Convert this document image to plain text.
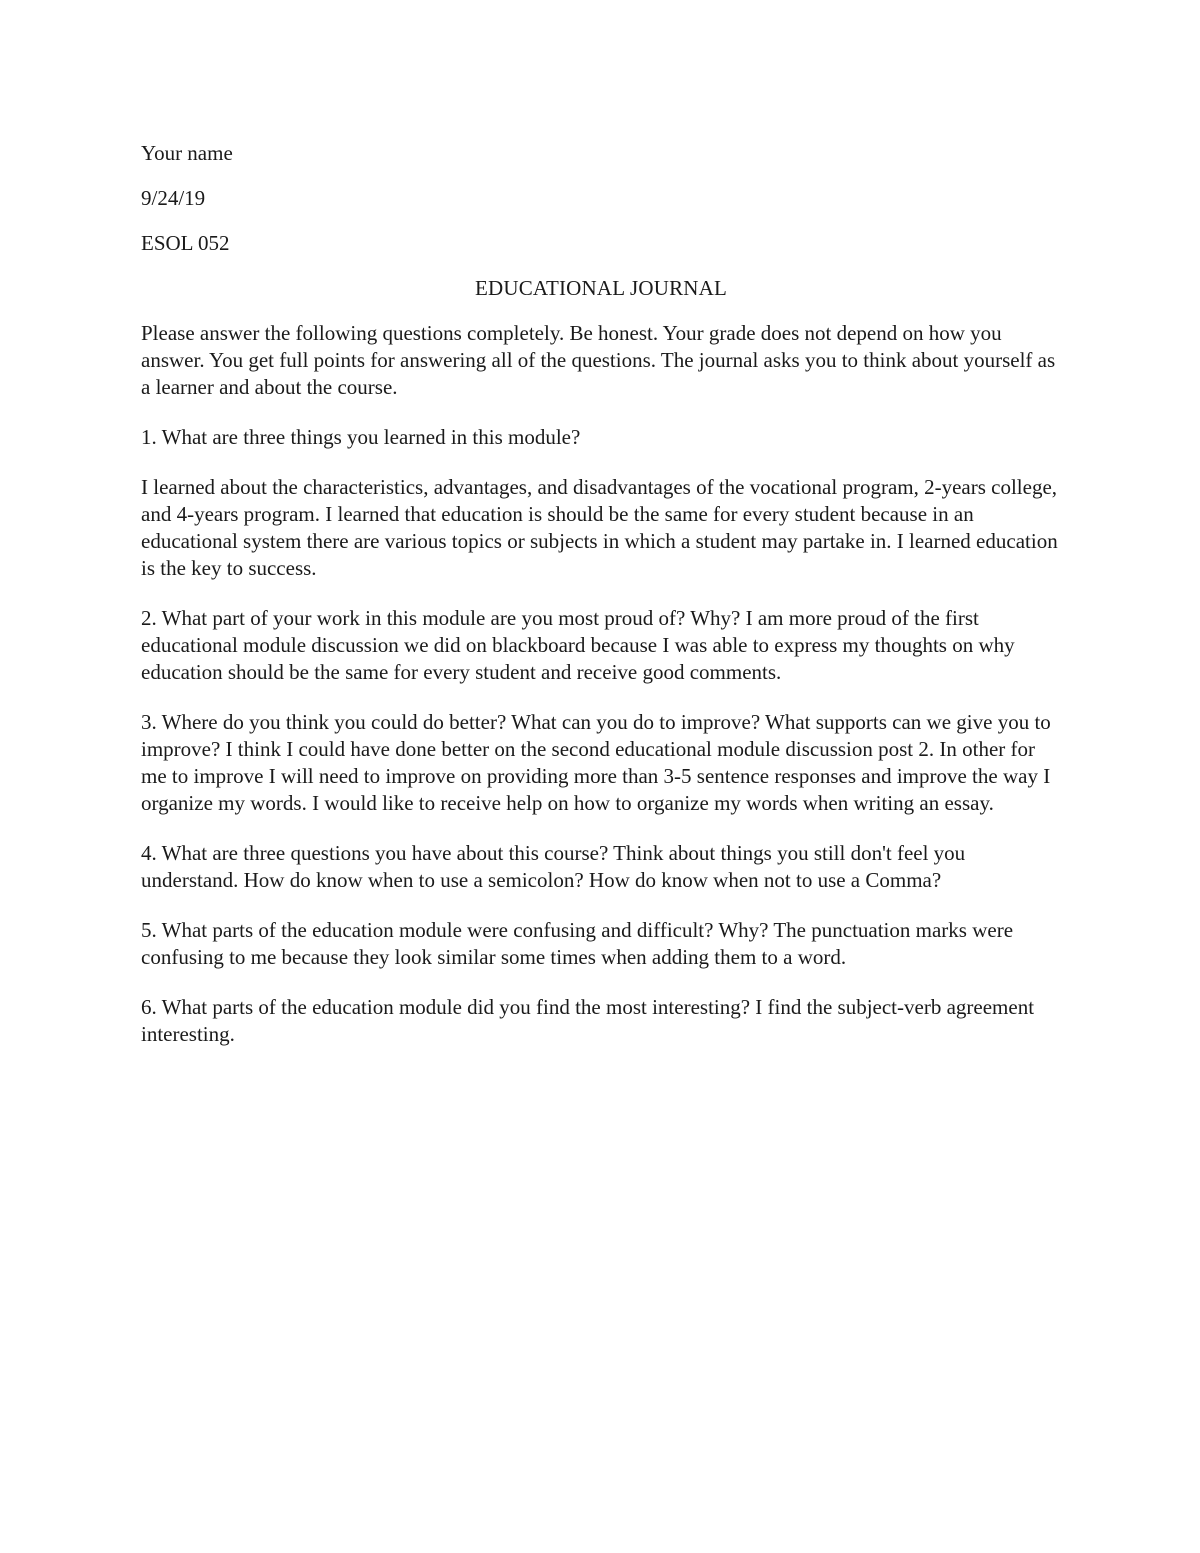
Your name

9/24/19

ESOL 052

EDUCATIONAL JOURNAL

Please answer the following questions completely. Be honest. Your grade does not depend on how you answer. You get full points for answering all of the questions. The journal asks you to think about yourself as a learner and about the course.

1. What are three things you learned in this module?

I learned about the characteristics, advantages, and disadvantages of the vocational program, 2-years college, and 4-years program. I learned that education is should be the same for every student because in an educational system there are various topics or subjects in which a student may partake in. I learned education is the key to success.

2. What part of your work in this module are you most proud of? Why? I am more proud of the first educational module discussion we did on blackboard because I was able to express my thoughts on why education should be the same for every student and receive good comments.

3. Where do you think you could do better? What can you do to improve? What supports can we give you to improve? I think I could have done better on the second educational module discussion post 2. In other for me to improve I will need to improve on providing more than 3-5 sentence responses and improve the way I organize my words. I would like to receive help on how to organize my words when writing an essay.

4. What are three questions you have about this course? Think about things you still don't feel you understand. How do know when to use a semicolon? How do know when not to use a Comma?

5. What parts of the education module were confusing and difficult? Why? The punctuation marks were confusing to me because they look similar some times when adding them to a word.

6. What parts of the education module did you find the most interesting? I find the subject-verb agreement interesting.
